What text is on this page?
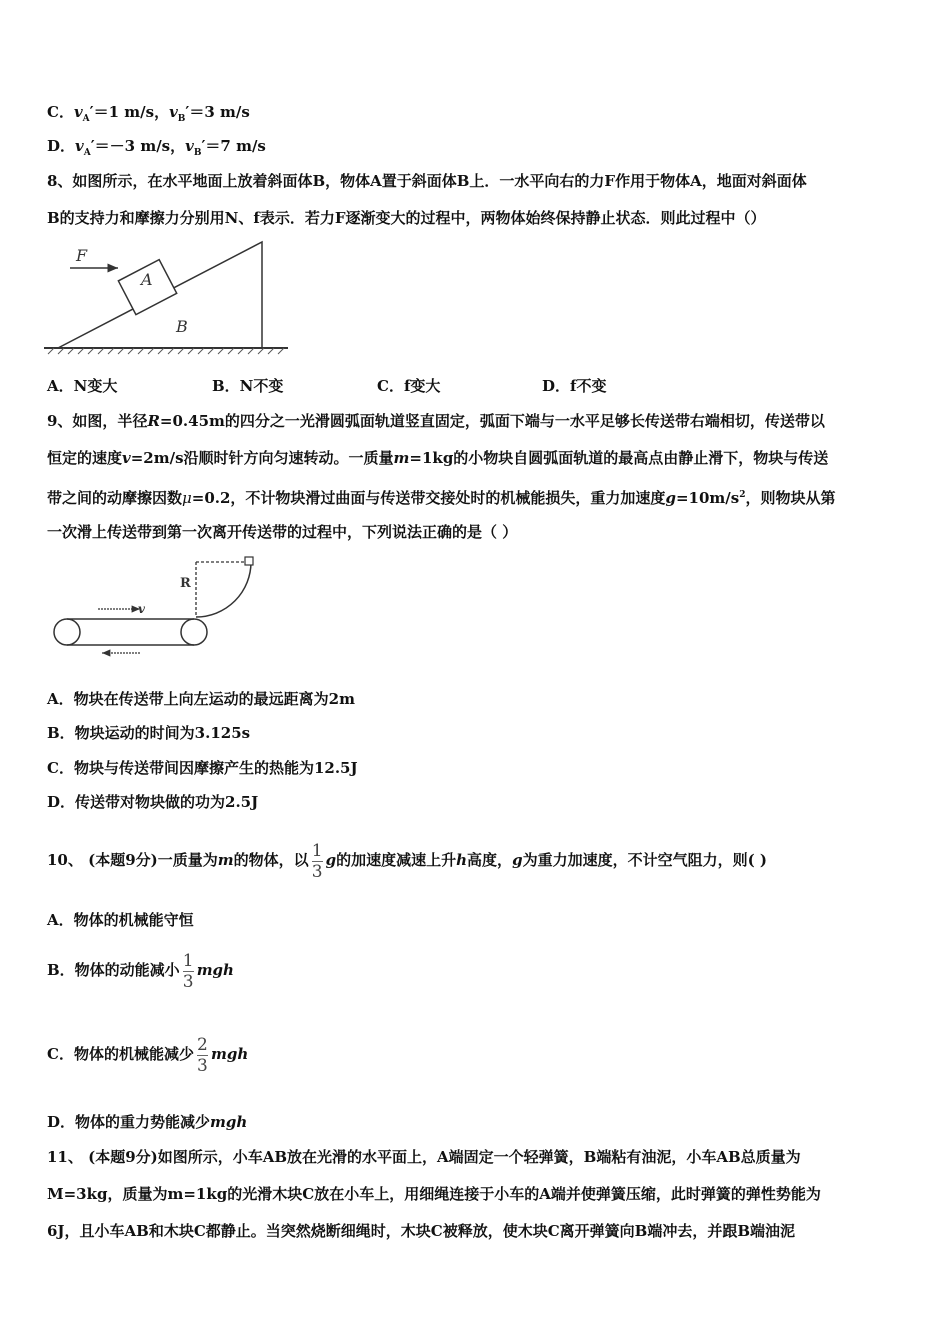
C．$v_A'=1$ m/s，$v_B'=3$ m/s
D．$v_A'=-3$ m/s，$v_B'=7$ m/s
8、如图所示，在水平地面上放着斜面体B，物体A置于斜面体B上．一水平向右的力F作用于物体A，地面对斜面体
B的支持力和摩擦力分别用N、f表示．若力F逐渐变大的过程中，两物体始终保持静止状态．则此过程中（）
F
A
B
A．N变大	B．N不变	C．f变大	D．f不变
9、如图，半径R=0.45m的四分之一光滑圆弧面轨道竖直固定，弧面下端与一水平足够长传送带右端相切，传送带以
恒定的速度v=2m/s沿顺时针方向匀速转动。一质量m=1kg的小物块自圆弧面轨道的最高点由静止滑下，物块与传送
带之间的动摩擦因数μ=0.2，不计物块滑过曲面与传送带交接处时的机械能损失，重力加速度$g=10m/s^2$，则物块从第
一次滑上传送带到第一次离开传送带的过程中，下列说法正确的是（ ）
v
R
A．物块在传送带上向左运动的最远距离为2m
B．物块运动的时间为3.125s
C．物块与传送带间因摩擦产生的热能为12.5J
D．传送带对物块做的功为2.5J
10、 (本题9分)一质量为m的物体，以 $\frac{1}{3}$ g的加速度减速上升h高度，g为重力加速度，不计空气阻力，则( )
A．物体的机械能守恒
B．物体的动能减小 $\frac{1}{3}$ mgh
C．物体的机械能减少 $\frac{2}{3}$ mgh
D．物体的重力势能减少mgh
11、 (本题9分)如图所示，小车AB放在光滑的水平面上，A端固定一个轻弹簧，B端粘有油泥，小车AB总质量为
M=3kg，质量为m=1kg的光滑木块C放在小车上，用细绳连接于小车的A端并使弹簧压缩，此时弹簧的弹性势能为
6J，且小车AB和木块C都静止。当突然烧断细绳时，木块C被释放，使木块C离开弹簧向B端冲去，并跟B端油泥
